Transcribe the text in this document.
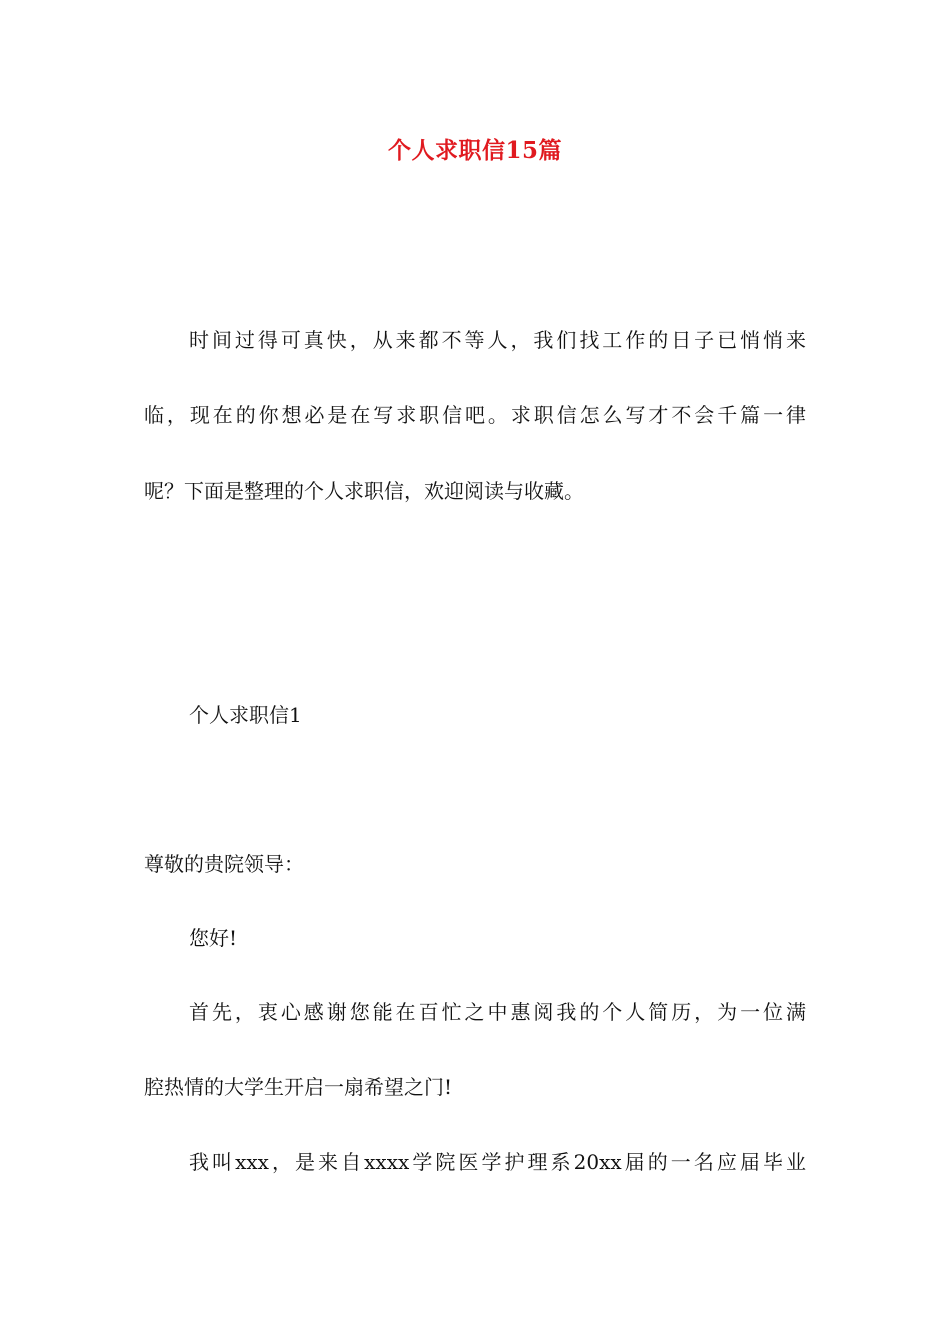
个人求职信15篇
时间过得可真快，从来都不等人，我们找工作的日子已悄悄来
临，现在的你想必是在写求职信吧。求职信怎么写才不会千篇一律
呢？下面是整理的个人求职信，欢迎阅读与收藏。
个人求职信1
尊敬的贵院领导：
您好!
首先，衷心感谢您能在百忙之中惠阅我的个人简历，为一位满
腔热情的大学生开启一扇希望之门!
我叫xxx，是来自xxxx学院医学护理系20xx届的一名应届毕业
